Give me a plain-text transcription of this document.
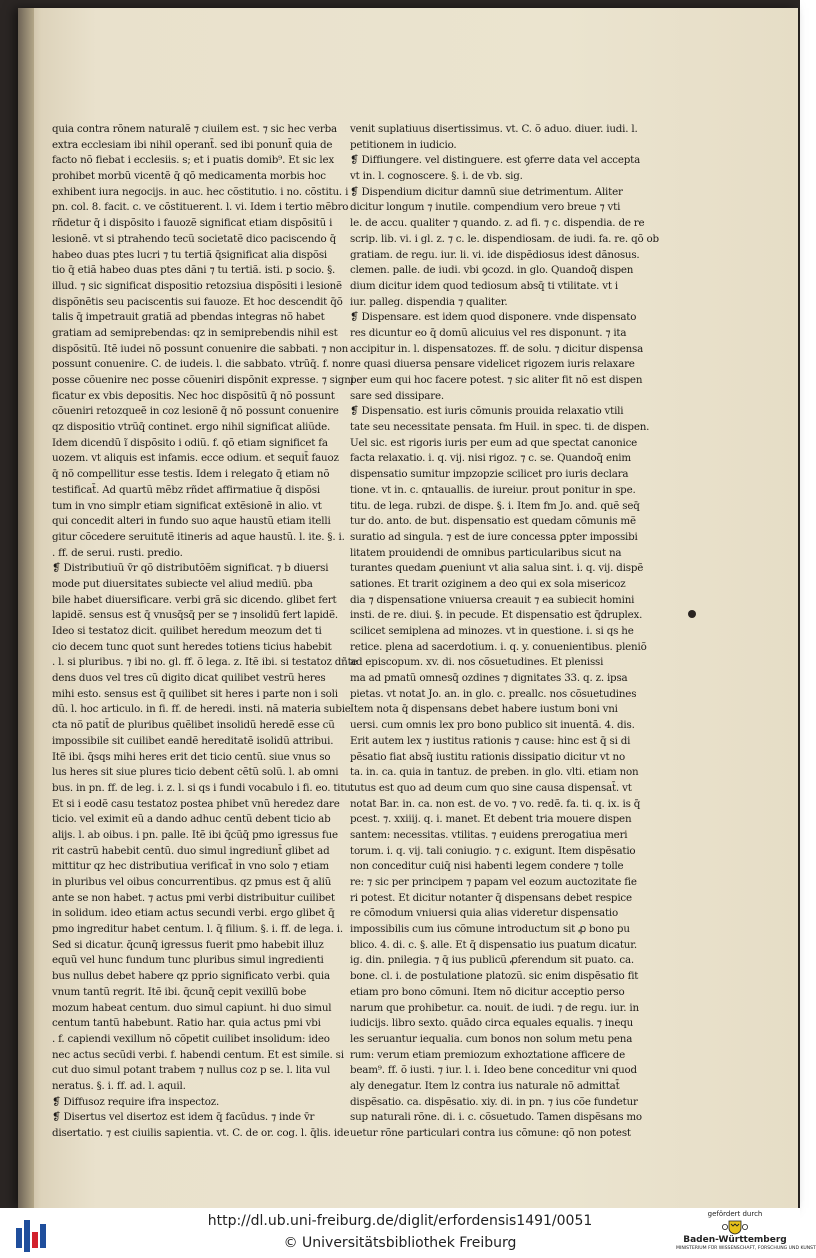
quia contra rõnem naturalẽ ⁊ ciuilem est. ⁊ sic hec verba
extra ecclesiam ibi nihil operant̄. sed ibi ponunt̄ quia de
facto nõ fiebat i ecclesiis. s; et i puatis domib⁹. Et sic lex
prohibet morbũ vicentẽ q̄ qõ medicamenta morbis hoc
exhibent iura negocijs. in auc. hec cõstitutio. i no. cõstitu. i
pn. col. 8. facit. c. ve cõstituerent. l. vi. Idem i tertio mẽbro
rñdetur q̄ i dispõsito i fauozẽ significat etiam dispõsitũ i
lesionẽ. vt si ptrahendo tecũ societatẽ dico paciscendo q̄
habeo duas ptes lucri ⁊ tu tertiã q̄significat alia dispõsi
tio q̄ etiã habeo duas ptes dãni ⁊ tu tertiã. isti. p socio. §.
illud. ⁊ sic significat dispositio retozsiua dispõsiti i lesionẽ
dispõnẽtis seu paciscentis sui fauoze. Et hoc descendit q̄õ
talis q̄ impetrauit gratiã ad pbendas integras nõ habet
gratiam ad semiprebendas: qz in semiprebendis nihil est
dispõsitũ. Itẽ iudei nõ possunt conuenire die sabbati. ⁊ non
possunt conuenire. C. de iudeis. l. die sabbato. vtrũq̄. f. non
posse cõuenire nec posse cõueniri dispõnit expresse. ⁊ signi
ficatur ex vbis depositis. Nec hoc dispõsitũ q̄ nõ possunt
cõueniri retozqueẽ in coz lesionẽ q̄ nõ possunt conuenire
qz dispositio vtrũq̄ continet. ergo nihil significat aliũde.
Idem dicendũ ĩ dispõsito i odiũ. f. qõ etiam significet fa
uozem. vt aliquis est infamis. ecce odium. et sequit̄ fauoz
q̄ nõ compellitur esse testis. Idem i relegato q̄ etiam nõ
testificat̄. Ad quartũ mẽbz rñdet affirmatiue q̄ dispõsi
tum in vno simplr etiam significat extẽsionẽ in alio. vt
qui concedit alteri in fundo suo aque haustũ etiam itelli
gitur cõcedere seruitutẽ itineris ad aque haustũ. l. ite. §. i.
. ff. de serui. rusti. predio.
❡ Distributiuũ v̄r qõ distributõẽm significat. ⁊ b diuersi
mode put diuersitates subiecte vel aliud mediũ. pba
bile habet diuersificare. verbi grã sic dicendo. glibet fert
lapidẽ. sensus est q̄ vnusq̄sq̄ per se ⁊ insolidũ fert lapidẽ.
Ideo si testatoz dicit. quilibet heredum meozum det ti
cio decem tunc quot sunt heredes totiens ticius habebit
. l. si pluribus. ⁊ ibi no. gl. ff. õ lega. z. Itẽ ibi. si testatoz dñte
dens duos vel tres cũ digito dicat quilibet vestrũ heres
mihi esto. sensus est q̄ quilibet sit heres i parte non i soli
dũ. l. hoc articulo. in fi. ff. de heredi. insti. nã materia subie
cta nõ patit̄ de pluribus quẽlibet insolidũ heredẽ esse cũ
impossibile sit cuilibet eandẽ hereditatẽ isolidũ attribui.
Itẽ ibi. q̄sqs mihi heres erit det ticio centũ. siue vnus so
lus heres sit siue plures ticio debent cẽtũ solũ. l. ab omni
bus. in pn. ff. de leg. i. z. l. si qs i fundi vocabulo i fi. eo. titu.
Et si i eodẽ casu testatoz postea phibet vnũ heredez dare
ticio. vel eximit eũ a dando adhuc centũ debent ticio ab
alijs. l. ab oibus. i pn. palle. Itẽ ibi q̄cũq̄ pmo igressus fue
rit castrũ habebit centũ. duo simul ingrediunt̄ glibet ad
mittitur qz hec distributiua verificat̄ in vno solo ⁊ etiam
in pluribus vel oibus concurrentibus. qz pmus est q̄ aliũ
ante se non habet. ⁊ actus pmi verbi distribuitur cuilibet
in solidum. ideo etiam actus secundi verbi. ergo glibet q̄
pmo ingreditur habet centum. l. q̄ filium. §. i. ff. de lega. i.
Sed si dicatur. q̄cunq̄ igressus fuerit pmo habebit illuz
equũ vel hunc fundum tunc pluribus simul ingredienti
bus nullus debet habere qz pprio significato verbi. quia
vnum tantũ regrit. Itẽ ibi. q̄cunq̄ cepit vexillũ bobe
mozum habeat centum. duo simul capiunt. hi duo simul
centum tantũ habebunt. Ratio har. quia actus pmi vbi
. f. capiendi vexillum nõ cõpetit cuilibet insolidum: ideo
nec actus secũdi verbi. f. habendi centum. Et est simile. si
cut duo simul potant trabem ⁊ nullus coz p se. l. lita vul
neratus. §. i. ff. ad. l. aquil.
❡ Diffusoz require ifra inspectoz.
❡ Disertus vel disertoz est idem q̄ facũdus. ⁊ inde v̄r
disertatio. ⁊ est ciuilis sapientia. vt. C. de or. cog. l. q̄lis. ide
venit suplatiuus disertissimus. vt. C. õ aduo. diuer. iudi. l.
petitionem in iudicio.
❡ Diffiungere. vel distinguere. est ꝯferre data vel accepta
vt in. l. cognoscere. §. i. de vb. sig.
❡ Dispendium dicitur damnũ siue detrimentum. Aliter
dicitur longum ⁊ inutile. compendium vero breue ⁊ vti
le. de accu. qualiter ⁊ quando. z. ad fi. ⁊ c. dispendia. de re
scrip. lib. vi. i gl. z. ⁊ c. le. dispendiosam. de iudi. fa. re. qõ ob
gratiam. de regu. iur. li. vi. ide dispẽdiosus idest dãnosus.
clemen. palle. de iudi. vbi ꝯcozd. in glo. Quandoq̄ dispen
dium dicitur idem quod tediosum absq̄ ti vtilitate. vt i
iur. palleg. dispendia ⁊ qualiter.
❡ Dispensare. est idem quod disponere. vnde dispensato
res dicuntur eo q̄ domũ alicuius vel res disponunt. ⁊ ita
accipitur in. l. dispensatozes. ff. de solu. ⁊ dicitur dispensa
re quasi diuersa pensare videlicet rigozem iuris relaxare
per eum qui hoc facere potest. ⁊ sic aliter fit nõ est dispen
sare sed dissipare.
❡ Dispensatio. est iuris cõmunis prouida relaxatio vtili
tate seu necessitate pensata. fm Huil. in spec. ti. de dispen.
Uel sic. est rigoris iuris per eum ad que spectat canonice
facta relaxatio. i. q. vij. nisi rigoz. ⁊ c. se. Quandoq̄ enim
dispensatio sumitur impzopzie scilicet pro iuris declara
tione. vt in. c. qntauallis. de iureiur. prout ponitur in spe.
titu. de lega. rubzi. de dispe. §. i. Item fm Jo. and. quẽ seq̄
tur do. anto. de but. dispensatio est quedam cõmunis mẽ
suratio ad singula. ⁊ est de iure concessa ꝑpter impossibi
litatem prouidendi de omnibus particularibus sicut na
turantes quedam ꝓueniunt vt alia salua sint. i. q. vij. dispẽ
sationes. Et trarit oziginem a deo qui ex sola misericoz
dia ⁊ dispensatione vniuersa creauit ⁊ ea subiecit homini
insti. de re. diui. §. in pecude. Et dispensatio est q̄druplex.
scilicet semiplena ad minozes. vt in questione. i. si qs he
retice. plena ad sacerdotium. i. q. y. conuenientibus. pleniõ
ad episcopum. xv. di. nos cõsuetudines. Et plenissi
ma ad pmatũ omnesq̄ ozdines ⁊ dignitates 33. q. z. ipsa
pietas. vt notat Jo. an. in glo. c. preallc. nos cõsuetudines
Item nota q̄ dispensans debet habere iustum boni vni
uersi. cum omnis lex pro bono publico sit inuentã. 4. dis.
Erit autem lex ⁊ iustitus rationis ⁊ cause: hinc est q̄ si di
pẽsatio fiat absq̄ iustitu rationis dissipatio dicitur vt no
ta. in. ca. quia in tantuz. de preben. in glo. vlti. etiam non
tutus est quo ad deum cum quo sine causa dispensat̄. vt
notat Bar. in. ca. non est. de vo. ⁊ vo. redẽ. fa. ti. q. ix. is q̄
pcest. ⁊. xxiiij. q. i. manet. Et debent tria mouere dispen
santem: necessitas. vtilitas. ⁊ euidens prerogatiua meri
torum. i. q. vij. tali coniugio. ⁊ c. exigunt. Item dispẽsatio
non conceditur cuiq̄ nisi habenti legem condere ⁊ tolle
re: ⁊ sic per principem ⁊ papam vel eozum auctozitate fie
ri potest. Et dicitur notanter q̄ dispensans debet respice
re cõmodum vniuersi quia alias videretur dispensatio
impossibilis cum ius cõmune introductum sit ꝓ bono pu
blico. 4. di. c. §. alle. Et q̄ dispensatio ius puatum dicatur.
ig. din. pnilegia. ⁊ q̄ ius publicũ ꝓferendum sit puato. ca.
bone. cl. i. de postulatione platozũ. sic enim dispẽsatio fit
etiam pro bono cõmuni. Item nõ dicitur acceptio perso
narum que prohibetur. ca. nouit. de iudi. ⁊ de regu. iur. in
iudicijs. libro sexto. quãdo circa equales equalis. ⁊ inequ
les seruantur iequalia. cum bonos non solum metu pena
rum: verum etiam premiozum exhoztatione afficere de
beam⁹. ff. õ iusti. ⁊ iur. l. i. Ideo bene conceditur vni quod
aly denegatur. Item lz contra ius naturale nõ admittat̄
dispẽsatio. ca. dispẽsatio. xiy. di. in pn. ⁊ ius cõe fundetur
sup naturali rõne. di. i. c. cõsuetudo. Tamen dispẽsans mo
uetur rõne particulari contra ius cõmune: qõ non potest
http://dl.ub.uni-freiburg.de/diglit/erfordensis1491/0051
© Universitätsbibliothek Freiburg
gefördert durch
Baden-Württemberg
MINISTERIUM FÜR WISSENSCHAFT, FORSCHUNG UND KUNST
